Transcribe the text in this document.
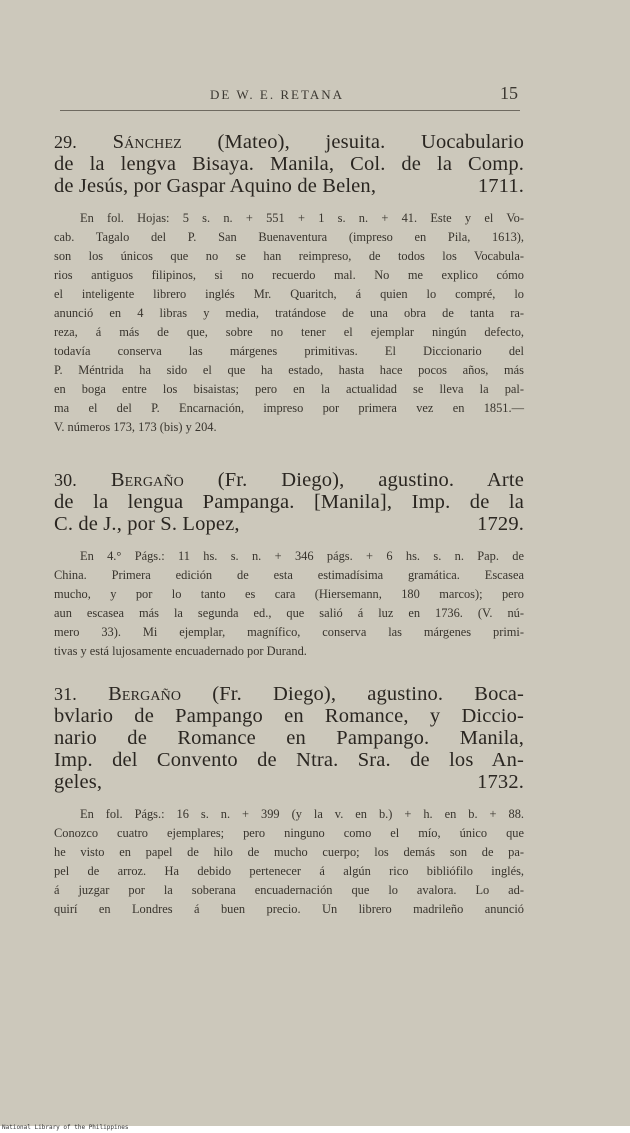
DE W. E. RETANA	15

29. Sánchez (Mateo), jesuita. Uocabulario
de la lengva Bisaya. Manila, Col. de la Comp.

de Jesús, por Gaspar Aquino de Belen,	1711.

En fol. Hojas: 5 s. n. + 551 + 1 s. n. + 41. Este y el Vo-
cab. Tagalo del P. San Buenaventura (impreso en Pila, 1613),
son los únicos que no se han reimpreso, de todos los Vocabula-
rios antiguos filipinos, si no recuerdo mal. No me explico cómo
el inteligente librero inglés Mr. Quaritch, á quien lo compré, lo
anunció en 4 libras y media, tratándose de una obra de tanta ra-
reza, á más de que, sobre no tener el ejemplar ningún defecto,
todavía conserva las márgenes primitivas. El Diccionario del
P. Méntrida ha sido el que ha estado, hasta hace pocos años, más
en boga entre los bisaistas; pero en la actualidad se lleva la pal-
ma el del P. Encarnación, impreso por primera vez en 1851.—
V. números 173, 173 (bis) y 204.

30. Bergaño (Fr. Diego), agustino. Arte
de la lengua Pampanga. [Manila], Imp. de la

C. de J., por S. Lopez,	1729.

En 4.° Págs.: 11 hs. s. n. + 346 págs. + 6 hs. s. n. Pap. de
China. Primera edición de esta estimadísima gramática. Escasea
mucho, y por lo tanto es cara (Hiersemann, 180 marcos); pero
aun escasea más la segunda ed., que salió á luz en 1736. (V. nú-
mero 33). Mi ejemplar, magnífico, conserva las márgenes primi-
tivas y está lujosamente encuadernado por Durand.

31. Bergaño (Fr. Diego), agustino. Boca-
bvlario de Pampango en Romance, y Diccio-
nario de Romance en Pampango. Manila,
Imp. del Convento de Ntra. Sra. de los An-

geles,	1732.

En fol. Págs.: 16 s. n. + 399 (y la v. en b.) + h. en b. + 88.
Conozco cuatro ejemplares; pero ninguno como el mío, único que
he visto en papel de hilo de mucho cuerpo; los demás son de pa-
pel de arroz. Ha debido pertenecer á algún rico bibliófilo inglés,
á juzgar por la soberana encuadernación que lo avalora. Lo ad-
quirí en Londres á buen precio. Un librero madrileño anunció
National Library of the Philippines
